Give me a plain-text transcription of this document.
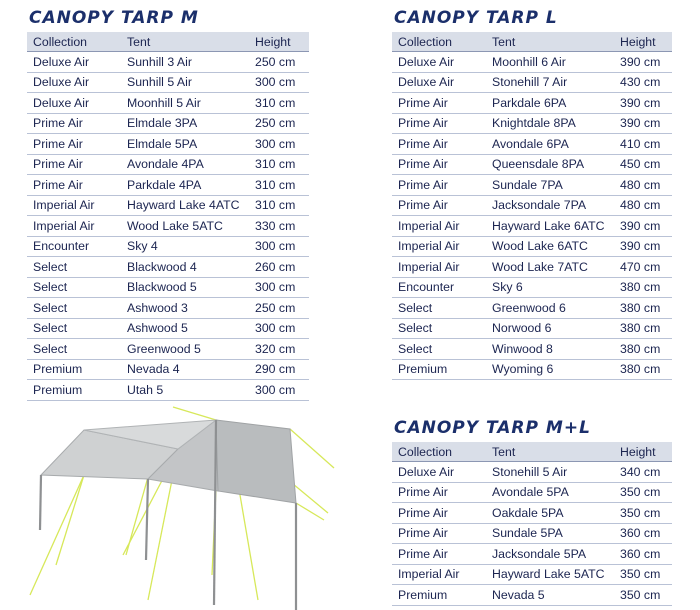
CANOPY TARP M
Collection	Tent	Height
Deluxe Air	Sunhill 3 Air	250 cm
Deluxe Air	Sunhill 5 Air	300 cm
Deluxe Air	Moonhill 5 Air	310 cm
Prime Air	Elmdale 3PA	250 cm
Prime Air	Elmdale 5PA	300 cm
Prime Air	Avondale 4PA	310 cm
Prime Air	Parkdale 4PA	310 cm
Imperial Air	Hayward Lake 4ATC	310 cm
Imperial Air	Wood Lake 5ATC	330 cm
Encounter	Sky 4	300 cm
Select	Blackwood 4	260 cm
Select	Blackwood 5	300 cm
Select	Ashwood 3	250 cm
Select	Ashwood 5	300 cm
Select	Greenwood 5	320 cm
Premium	Nevada 4	290 cm
Premium	Utah 5	300 cm
CANOPY TARP L
Collection	Tent	Height
Deluxe Air	Moonhill 6 Air	390 cm
Deluxe Air	Stonehill 7 Air	430 cm
Prime Air	Parkdale 6PA	390 cm
Prime Air	Knightdale 8PA	390 cm
Prime Air	Avondale 6PA	410 cm
Prime Air	Queensdale 8PA	450 cm
Prime Air	Sundale 7PA	480 cm
Prime Air	Jacksondale 7PA	480 cm
Imperial Air	Hayward Lake 6ATC	390 cm
Imperial Air	Wood Lake 6ATC	390 cm
Imperial Air	Wood Lake 7ATC	470 cm
Encounter	Sky 6	380 cm
Select	Greenwood 6	380 cm
Select	Norwood 6	380 cm
Select	Winwood 8	380 cm
Premium	Wyoming 6	380 cm
CANOPY TARP M+L
Collection	Tent	Height
Deluxe Air	Stonehill 5 Air	340 cm
Prime Air	Avondale 5PA	350 cm
Prime Air	Oakdale 5PA	350 cm
Prime Air	Sundale 5PA	360 cm
Prime Air	Jacksondale 5PA	360 cm
Imperial Air	Hayward Lake 5ATC	350 cm
Premium	Nevada 5	350 cm
